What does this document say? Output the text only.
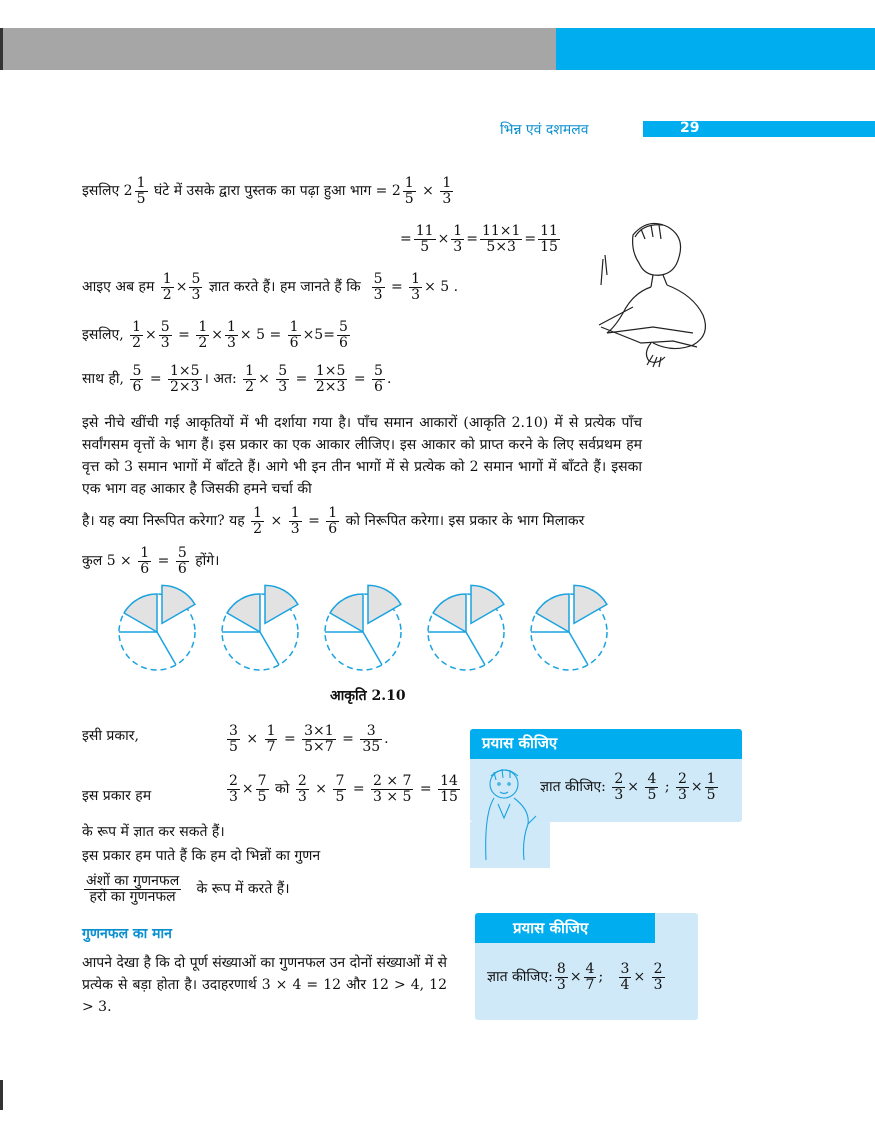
भिन्न एवं दशमलव	29
इसलिए $2 \frac{1}{5}$ घंटे में उसके द्वारा पुस्तक का पढ़ा हुआ भाग = $2 \frac{1}{5} \times \frac{1}{3}$
= $\frac{11}{5} \times \frac{1}{3} = \frac{11\times 1}{5\times 3} = \frac{11}{15}$
आइए अब हम $\frac{1}{2} \times \frac{5}{3}$ ज्ञात करते हैं। हम जानते हैं कि $\frac{5}{3} = \frac{1}{3} \times 5$ .
इसलिए, $\frac{1}{2} \times \frac{5}{3} = \frac{1}{2} \times \frac{1}{3} \times 5 = \frac{1}{6} \times 5= \frac{5}{6}$
साथ ही, $\frac{5}{6} = \frac{1\times 5}{2\times 3}$ । अत: $\frac{1}{2} \times \frac{5}{3} = \frac{1\times 5}{2\times 3} = \frac{5}{6}$ .
इसे नीचे खींची गई आकृतियों में भी दर्शाया गया है। पाँच समान आकारों (आकृति 2.10) में से प्रत्येक पाँच सर्वांगसम वृत्तों के भाग हैं। इस प्रकार का एक आकार लीजिए। इस आकार को प्राप्त करने के लिए सर्वप्रथम हम वृत्त को 3 समान भागों में बाँटते हैं। आगे भी इन तीन भागों में से प्रत्येक को 2 समान भागों में बाँटते हैं। इसका एक भाग वह आकार है जिसकी हमने चर्चा की
है। यह क्या निरूपित करेगा? यह $\frac{1}{2} \times \frac{1}{3} = \frac{1}{6}$ को निरूपित करेगा। इस प्रकार के भाग मिलाकर
कुल $5 \times \frac{1}{6} = \frac{5}{6}$ होंगे।
आकृति 2.10
इसी प्रकार,	$\frac{3}{5} \times \frac{1}{7} = \frac{3\times 1}{5\times 7} = \frac{3}{35}$ .
इस प्रकार हम	$\frac{2}{3} \times \frac{7}{5}$ को $\frac{2}{3} \times \frac{7}{5} = \frac{2 \times 7}{3 \times 5} = \frac{14}{15}$
के रूप में ज्ञात कर सकते हैं।
इस प्रकार हम पाते हैं कि हम दो भिन्नों का गुणन
$\frac{\text{अंशों का गुणनफल}}{\text{हरों का गुणनफल}}$ के रूप में करते हैं।
गुणनफल का मान
आपने देखा है कि दो पूर्ण संख्याओं का गुणनफल उन दोनों संख्याओं में से प्रत्येक से बड़ा होता है। उदाहरणार्थ 3 × 4 = 12 और 12 > 4, 12 > 3.
प्रयास कीजिए
ज्ञात कीजिए: $\frac{2}{3} \times \frac{4}{5}$ ; $\frac{2}{3} \times \frac{1}{5}$
प्रयास कीजिए
ज्ञात कीजिए: $\frac{8}{3} \times \frac{4}{7}$ ; $\frac{3}{4} \times \frac{2}{3}$
